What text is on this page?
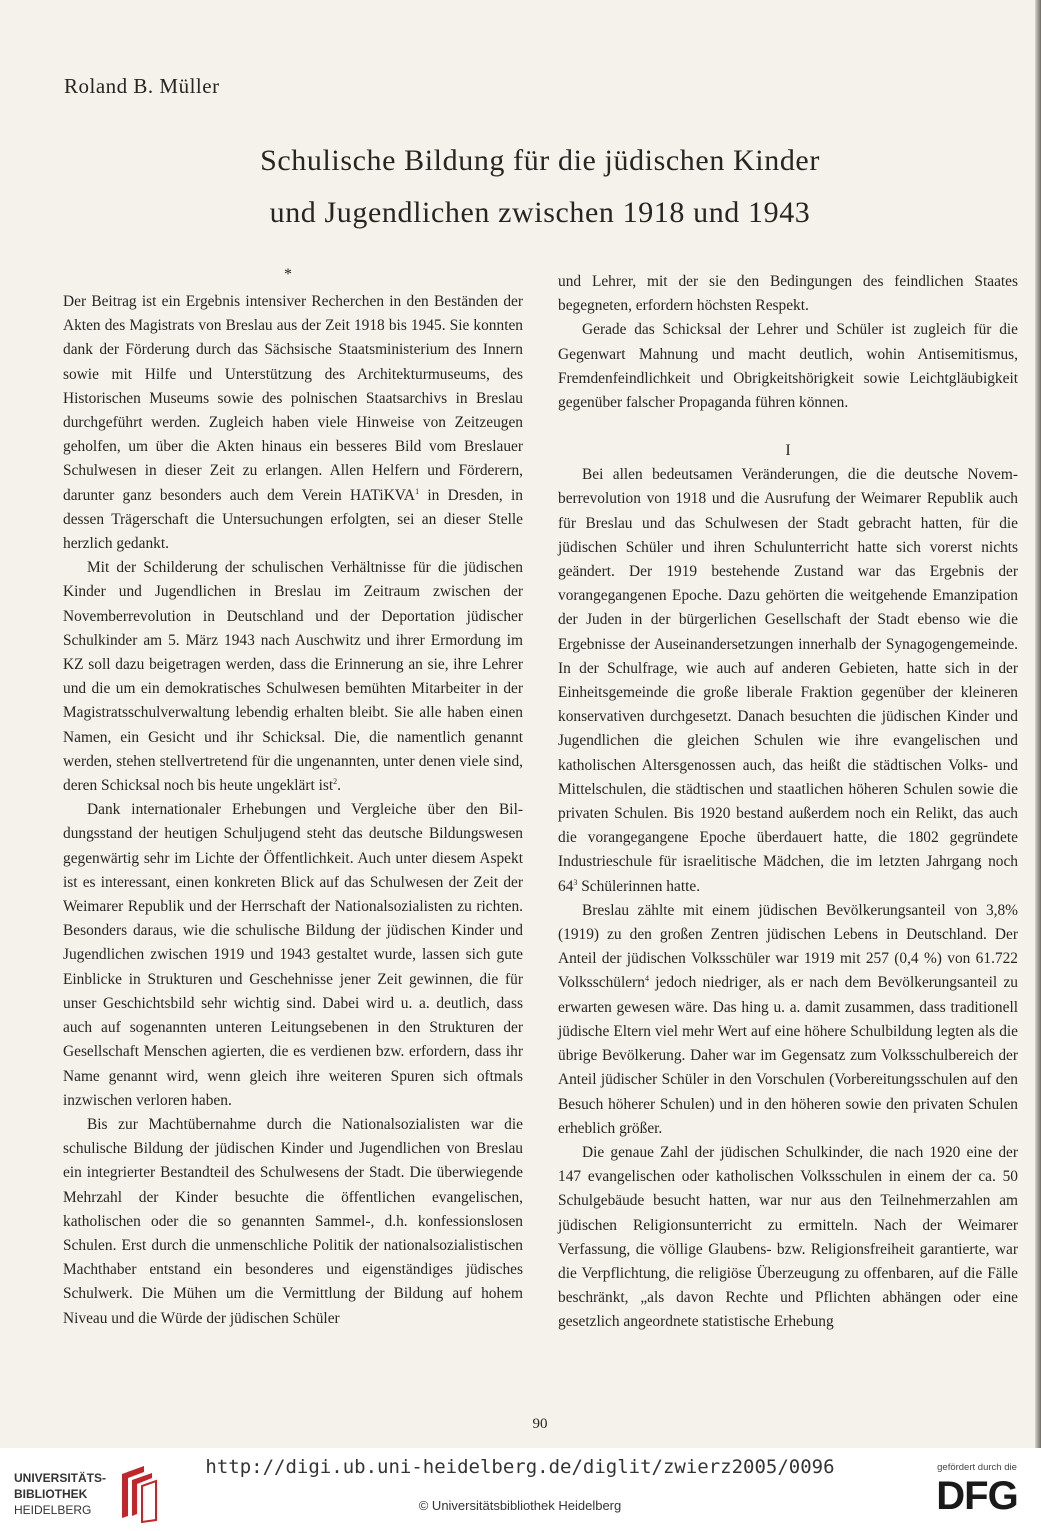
Roland B. Müller
Schulische Bildung für die jüdischen Kinder
und Jugendlichen zwischen 1918 und 1943
*

Der Beitrag ist ein Ergebnis intensiver Recherchen in den Beständen der Akten des Magistrats von Breslau aus der Zeit 1918 bis 1945. Sie konnten dank der Förderung durch das Sächsische Staatsministerium des Innern sowie mit Hilfe und Unterstützung des Architekturmuseums, des Historischen Museums sowie des polnischen Staatsarchivs in Breslau durchgeführt werden. Zugleich haben viele Hinweise von Zeitzeugen geholfen, um über die Akten hinaus ein besseres Bild vom Breslauer Schulwesen in dieser Zeit zu erlangen. Allen Helfern und Förderern, darunter ganz besonders auch dem Verein HATiKVA$^1$ in Dresden, in dessen Trägerschaft die Untersuchungen erfolgten, sei an dieser Stelle herzlich gedankt.

Mit der Schilderung der schulischen Verhältnisse für die jüdischen Kinder und Jugendlichen in Breslau im Zeitraum zwischen der Novemberrevolution in Deutschland und der Deportation jüdischer Schulkinder am 5. März 1943 nach Auschwitz und ihrer Ermordung im KZ soll dazu beigetragen werden, dass die Erinnerung an sie, ihre Lehrer und die um ein demokratisches Schulwesen bemühten Mitarbeiter in der Magistratsschulverwaltung lebendig erhalten bleibt. Sie alle haben einen Namen, ein Gesicht und ihr Schicksal. Die, die namentlich genannt werden, stehen stellvertretend für die ungenannten, unter denen viele sind, deren Schicksal noch bis heute ungeklärt ist$^2$.

Dank internationaler Erhebungen und Vergleiche über den Bildungsstand der heutigen Schuljugend steht das deutsche Bildungswesen gegenwärtig sehr im Lichte der Öffentlichkeit. Auch unter diesem Aspekt ist es interessant, einen konkreten Blick auf das Schulwesen der Zeit der Weimarer Republik und der Herrschaft der Nationalsozialisten zu richten. Besonders daraus, wie die schulische Bildung der jüdischen Kinder und Jugendlichen zwischen 1919 und 1943 gestaltet wurde, lassen sich gute Einblicke in Strukturen und Geschehnisse jener Zeit gewinnen, die für unser Geschichtsbild sehr wichtig sind. Dabei wird u. a. deutlich, dass auch auf sogenannten unteren Leitungsebenen in den Strukturen der Gesellschaft Menschen agierten, die es verdienen bzw. erfordern, dass ihr Name genannt wird, wenn gleich ihre weiteren Spuren sich oftmals inzwischen verloren haben.

Bis zur Machtübernahme durch die Nationalsozialisten war die schulische Bildung der jüdischen Kinder und Jugendlichen von Breslau ein integrierter Bestandteil des Schulwesens der Stadt. Die überwiegende Mehrzahl der Kinder besuchte die öffentlichen evangelischen, katholischen oder die so genannten Sammel-, d.h. konfessionslosen Schulen. Erst durch die unmenschliche Politik der nationalsozialistischen Machthaber entstand ein besonderes und eigenständiges jüdisches Schulwerk. Die Mühen um die Vermittlung der Bildung auf hohem Niveau und die Würde der jüdischen Schüler

und Lehrer, mit der sie den Bedingungen des feindlichen Staates begegneten, erfordern höchsten Respekt.

Gerade das Schicksal der Lehrer und Schüler ist zugleich für die Gegenwart Mahnung und macht deutlich, wohin Antisemitismus, Fremdenfeindlichkeit und Obrigkeitshörigkeit sowie Leichtgläubigkeit gegenüber falscher Propaganda führen können.

I

Bei allen bedeutsamen Veränderungen, die die deutsche Novemberrevolution von 1918 und die Ausrufung der Weimarer Republik auch für Breslau und das Schulwesen der Stadt gebracht hatten, für die jüdischen Schüler und ihren Schulunterricht hatte sich vorerst nichts geändert. Der 1919 bestehende Zustand war das Ergebnis der vorangegangenen Epoche. Dazu gehörten die weitgehende Emanzipation der Juden in der bürgerlichen Gesellschaft der Stadt ebenso wie die Ergebnisse der Auseinandersetzungen innerhalb der Synagogengemeinde. In der Schulfrage, wie auch auf anderen Gebieten, hatte sich in der Einheitsgemeinde die große liberale Fraktion gegenüber der kleineren konservativen durchgesetzt. Danach besuchten die jüdischen Kinder und Jugendlichen die gleichen Schulen wie ihre evangelischen und katholischen Altersgenossen auch, das heißt die städtischen Volks- und Mittelschulen, die städtischen und staatlichen höheren Schulen sowie die privaten Schulen. Bis 1920 bestand außerdem noch ein Relikt, das auch die vorangegangene Epoche überdauert hatte, die 1802 gegründete Industrieschule für israelitische Mädchen, die im letzten Jahrgang noch $64^3$ Schülerinnen hatte.

Breslau zählte mit einem jüdischen Bevölkerungsanteil von 3,8% (1919) zu den großen Zentren jüdischen Lebens in Deutschland. Der Anteil der jüdischen Volksschüler war 1919 mit 257 (0,4 %) von 61.722 Volksschülern$^4$ jedoch niedriger, als er nach dem Bevölkerungsanteil zu erwarten gewesen wäre. Das hing u. a. damit zusammen, dass traditionell jüdische Eltern viel mehr Wert auf eine höhere Schulbildung legten als die übrige Bevölkerung. Daher war im Gegensatz zum Volksschulbereich der Anteil jüdischer Schüler in den Vorschulen (Vorbereitungsschulen auf den Besuch höherer Schulen) und in den höheren sowie den privaten Schulen erheblich größer.

Die genaue Zahl der jüdischen Schulkinder, die nach 1920 eine der 147 evangelischen oder katholischen Volksschulen in einem der ca. 50 Schulgebäude besucht hatten, war nur aus den Teilnehmerzahlen am jüdischen Religionsunterricht zu ermitteln. Nach der Weimarer Verfassung, die völlige Glaubens- bzw. Religionsfreiheit garantierte, war die Verpflichtung, die religiöse Überzeugung zu offenbaren, auf die Fälle beschränkt, „als davon Rechte und Pflichten abhängen oder eine gesetzlich angeordnete statistische Erhebung

90
UNIVERSITÄTS-
BIBLIOTHEK
HEIDELBERG
http://digi.ub.uni-heidelberg.de/diglit/zwierz2005/0096
© Universitätsbibliothek Heidelberg
gefördert durch die
DFG
